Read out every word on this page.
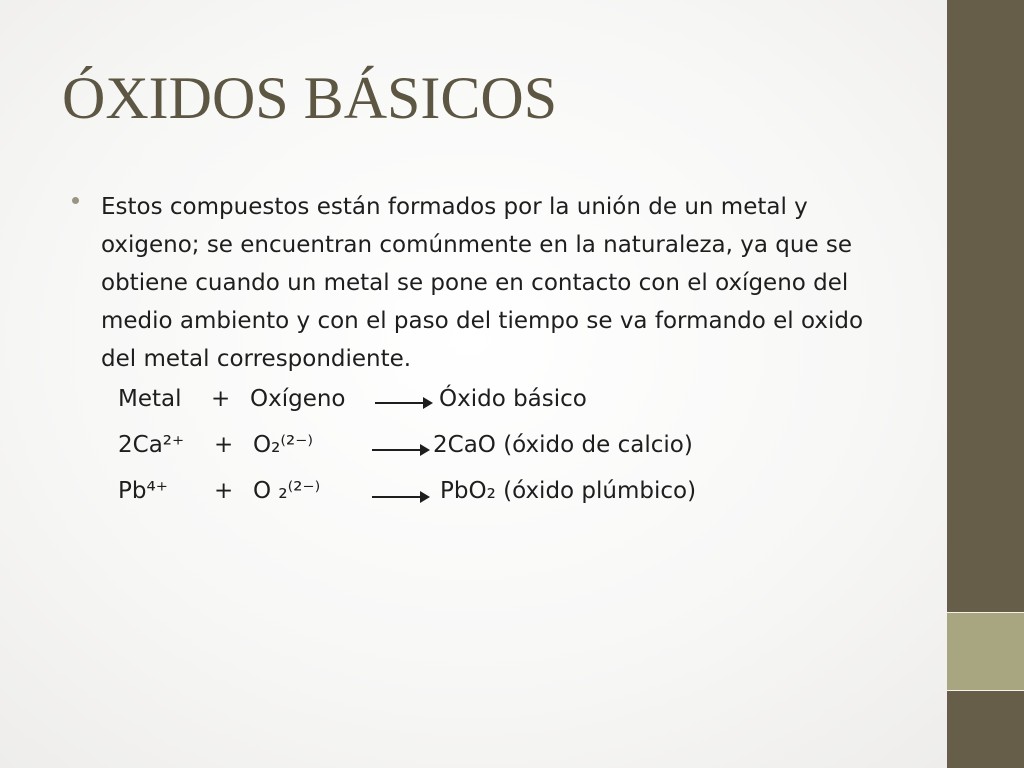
ÓXIDOS BÁSICOS

Estos compuestos están formados por la unión de un metal y oxigeno; se encuentran comúnmente en la naturaleza, ya que se obtiene cuando un metal se pone en contacto con el oxígeno del medio ambiento y con el paso del tiempo se va formando el oxido del metal correspondiente.

Metal + Oxígeno → Óxido básico
2Ca²⁺ + O₂⁽²⁻⁾ → 2CaO (óxido de calcio)
Pb⁴⁺ + O ₂⁽²⁻⁾ → PbO₂ (óxido plúmbico)
